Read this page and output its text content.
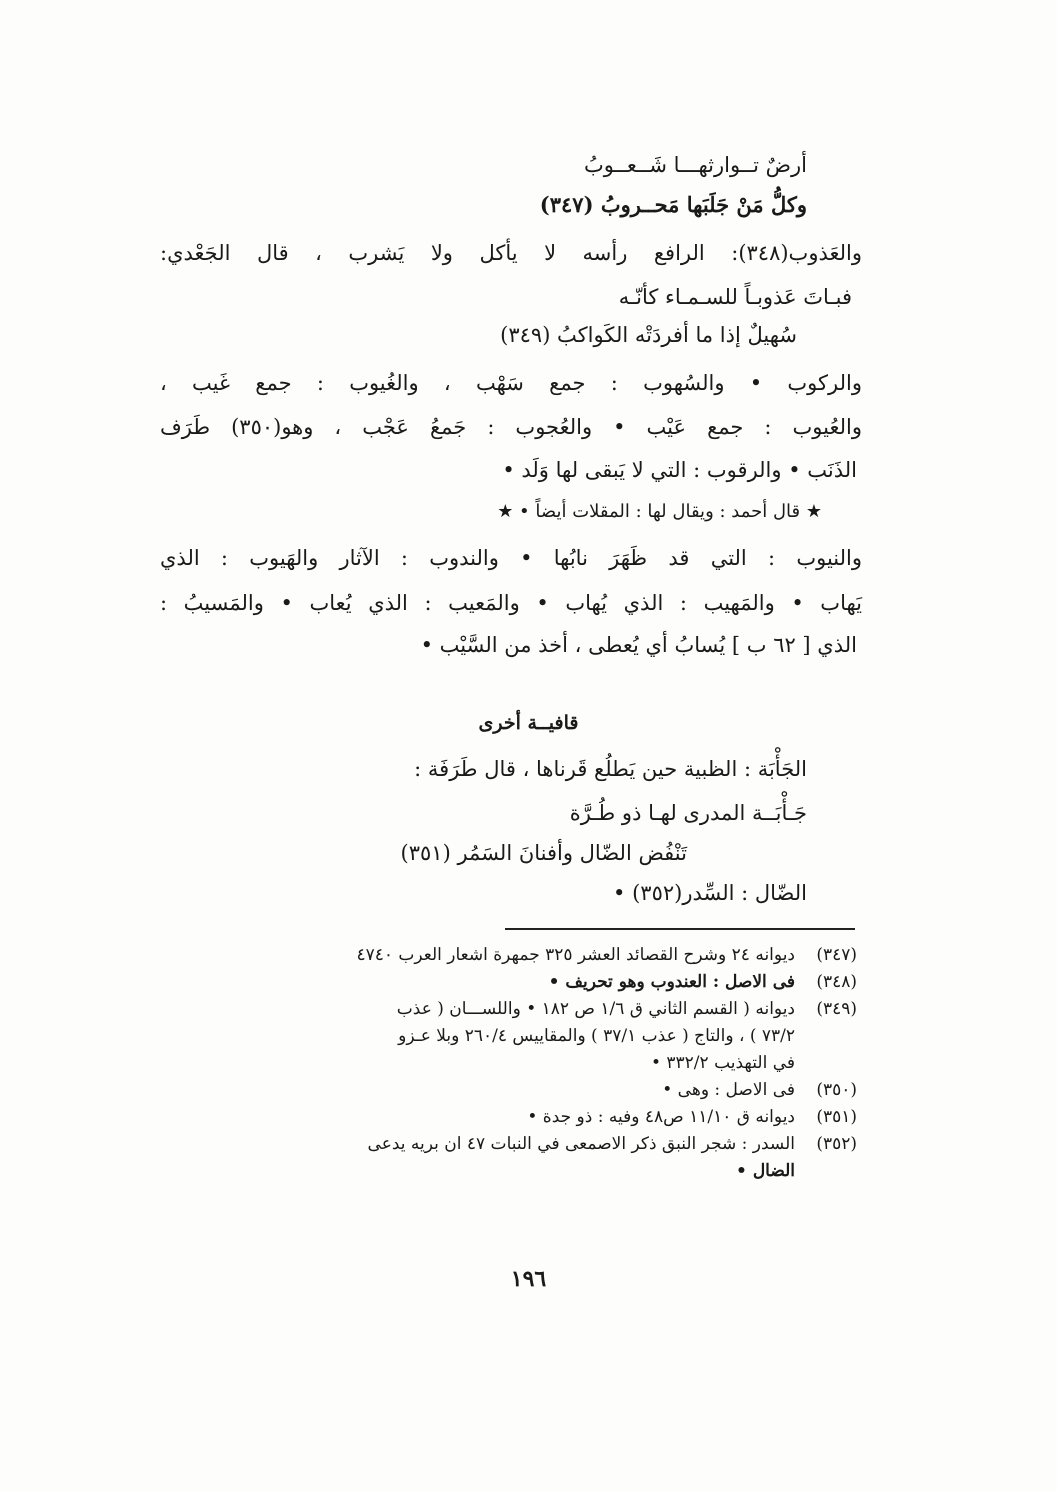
أرضٌ تــوارثهـــا شَــعــوبُ
وكلُّ مَنْ جَلَبَها مَحــروبُ (٣٤٧)
والعَذوب(٣٤٨): الرافع رأسه لا يأكل ولا يَشرب ، قال الجَعْدي:
فبـاتَ عَذوبـاً للسـمـاء كأنّـه
سُهيلٌ إذا ما أفردَتْه الكَواكبُ (٣٤٩)
والركوب • والسُهوب : جمع سَهْب ، والغُيوب : جمع غَيب ،
والعُيوب : جمع عَيْب • والعُجوب : جَمعُ عَجْب ، وهو(٣٥٠) طَرَف
الذَنَب • والرقوب : التي لا يَبقى لها وَلَد •
★ قال أحمد : ويقال لها : المقلات أيضاً • ★
والنيوب : التي قد ظَهَرَ نابُها • والندوب : الآثار والهَيوب : الذي
يَهاب • والمَهيب : الذي يُهاب • والمَعيب : الذي يُعاب • والمَسيبُ :
الذي [ ٦٢ ب ] يُسابُ أي يُعطى ، أخذ من السَّيْب •
قافيــة أخرى
الجَأْبَة : الظبية حين يَطلُع قَرناها ، قال طَرَفَة :
جَـأْبَــة المدرى لهـا ذو طُـرَّة
تَنْفُض الضّال وأفنانَ السَمُر (٣٥١)
الضّال : السِّدر(٣٥٢) •
(٣٤٧)
ديوانه ٢٤ وشرح القصائد العشر ٣٢٥ جمهرة اشعار العرب ٤٧٤٠
(٣٤٨)
فى الاصل : العندوب وهو تحريف •
(٣٤٩)
ديوانه ( القسم الثاني ق ١/٦ ص ١٨٢ • واللســـان ( عذب
٧٣/٢ ) ، والتاج ( عذب ٣٧/١ ) والمقاييس ٢٦٠/٤ وبلا عـزو
في التهذيب ٣٣٢/٢ •
(٣٥٠)
فى الاصل : وهى •
(٣٥١)
ديوانه ق ١١/١٠ ص٤٨ وفيه : ذو جدة •
(٣٥٢)
السدر : شجر النبق ذكر الاصمعى في النبات ٤٧ ان بريه يدعى
الضال •
١٩٦
